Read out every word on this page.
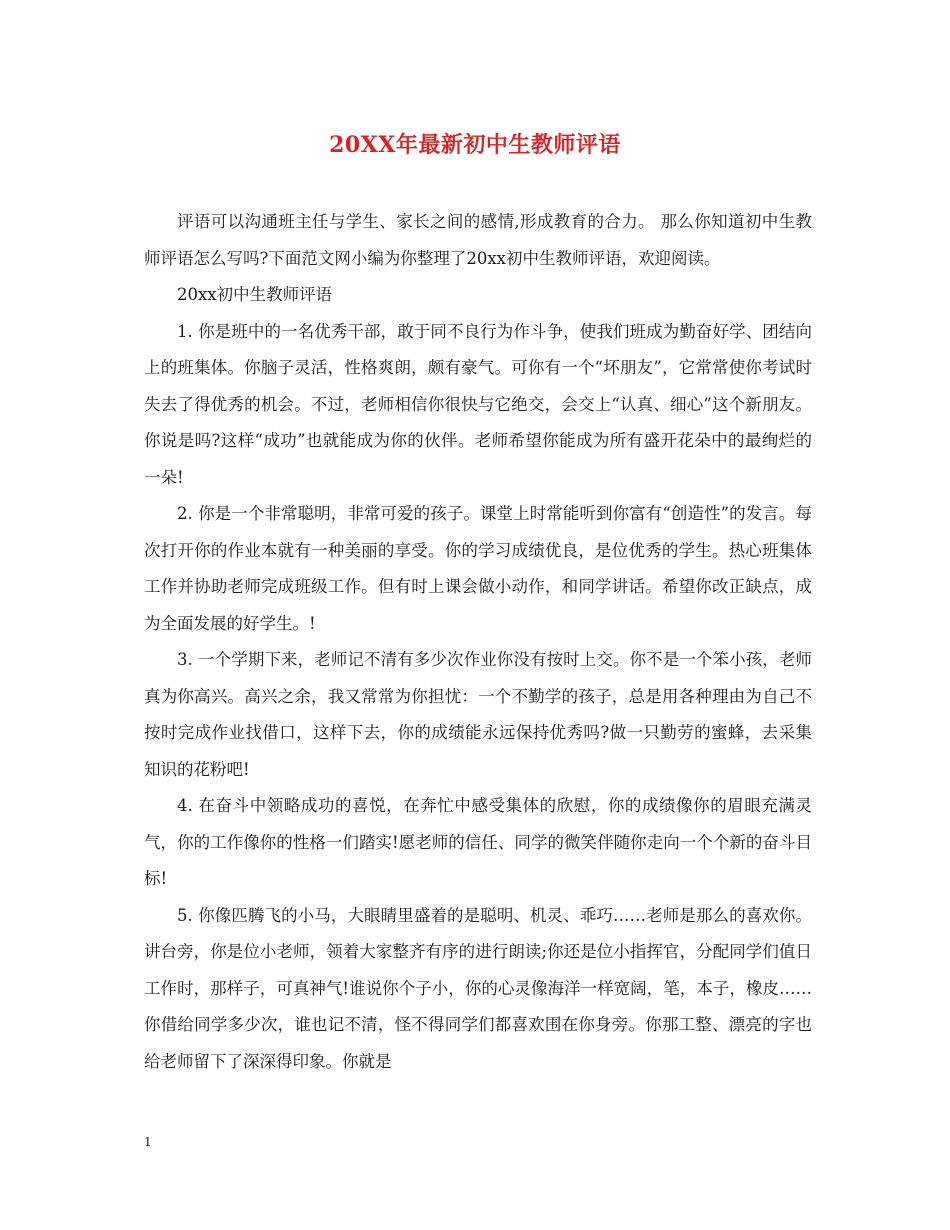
20XX年最新初中生教师评语

评语可以沟通班主任与学生、家长之间的感情,形成教育的合力。 那么你知道初中生教师评语怎么写吗?下面范文网小编为你整理了20xx初中生教师评语，欢迎阅读。

20xx初中生教师评语

1. 你是班中的一名优秀干部，敢于同不良行为作斗争，使我们班成为勤奋好学、团结向上的班集体。你脑子灵活，性格爽朗，颇有豪气。可你有一个“坏朋友”，它常常使你考试时失去了得优秀的机会。不过，老师相信你很快与它绝交，会交上“认真、细心”这个新朋友。你说是吗?这样“成功”也就能成为你的伙伴。老师希望你能成为所有盛开花朵中的最绚烂的一朵!

2. 你是一个非常聪明，非常可爱的孩子。课堂上时常能听到你富有“创造性”的发言。每次打开你的作业本就有一种美丽的享受。你的学习成绩优良，是位优秀的学生。热心班集体工作并协助老师完成班级工作。但有时上课会做小动作，和同学讲话。希望你改正缺点，成为全面发展的好学生。!

3. 一个学期下来，老师记不清有多少次作业你没有按时上交。你不是一个笨小孩，老师真为你高兴。高兴之余，我又常常为你担忧：一个不勤学的孩子，总是用各种理由为自己不按时完成作业找借口，这样下去，你的成绩能永远保持优秀吗?做一只勤劳的蜜蜂，去采集知识的花粉吧!

4. 在奋斗中领略成功的喜悦，在奔忙中感受集体的欣慰，你的成绩像你的眉眼充满灵气，你的工作像你的性格一们踏实!愿老师的信任、同学的微笑伴随你走向一个个新的奋斗目标!

5. 你像匹腾飞的小马，大眼睛里盛着的是聪明、机灵、乖巧……老师是那么的喜欢你。讲台旁，你是位小老师，领着大家整齐有序的进行朗读;你还是位小指挥官，分配同学们值日工作时，那样子，可真神气!谁说你个子小，你的心灵像海洋一样宽阔，笔，本子，橡皮……你借给同学多少次，谁也记不清，怪不得同学们都喜欢围在你身旁。你那工整、漂亮的字也给老师留下了深深得印象。你就是

1
